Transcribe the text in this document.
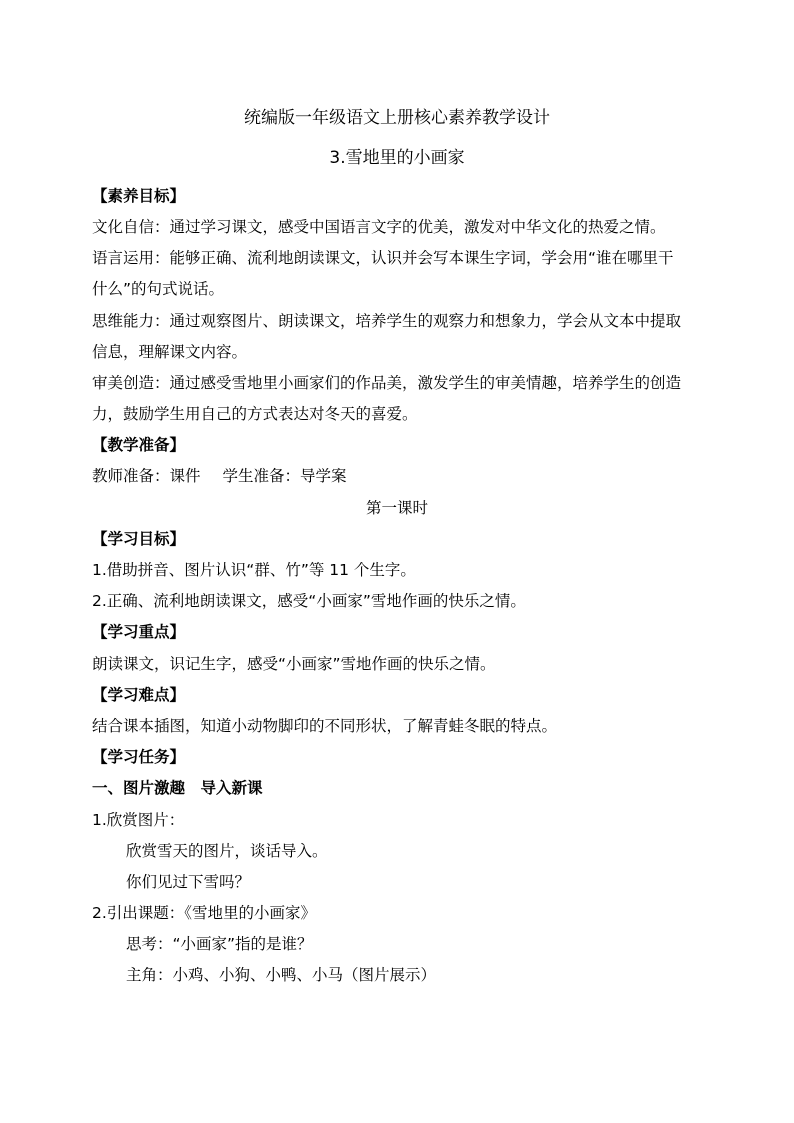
统编版一年级语文上册核心素养教学设计
3.雪地里的小画家
【素养目标】
文化自信：通过学习课文，感受中国语言文字的优美，激发对中华文化的热爱之情。
语言运用：能够正确、流利地朗读课文，认识并会写本课生字词，学会用“谁在哪里干
什么”的句式说话。
思维能力：通过观察图片、朗读课文，培养学生的观察力和想象力，学会从文本中提取
信息，理解课文内容。
审美创造：通过感受雪地里小画家们的作品美，激发学生的审美情趣，培养学生的创造
力，鼓励学生用自己的方式表达对冬天的喜爱。
【教学准备】
教师准备：课件 学生准备：导学案
第一课时
【学习目标】
1.借助拼音、图片认识“群、竹”等 11 个生字。
2.正确、流利地朗读课文，感受“小画家”雪地作画的快乐之情。
【学习重点】
朗读课文，识记生字，感受“小画家”雪地作画的快乐之情。
【学习难点】
结合课本插图，知道小动物脚印的不同形状，了解青蛙冬眠的特点。
【学习任务】
一、图片激趣　导入新课
1.欣赏图片：
欣赏雪天的图片，谈话导入。
你们见过下雪吗？
2.引出课题：《雪地里的小画家》
思考：“小画家”指的是谁？
主角：小鸡、小狗、小鸭、小马（图片展示）
